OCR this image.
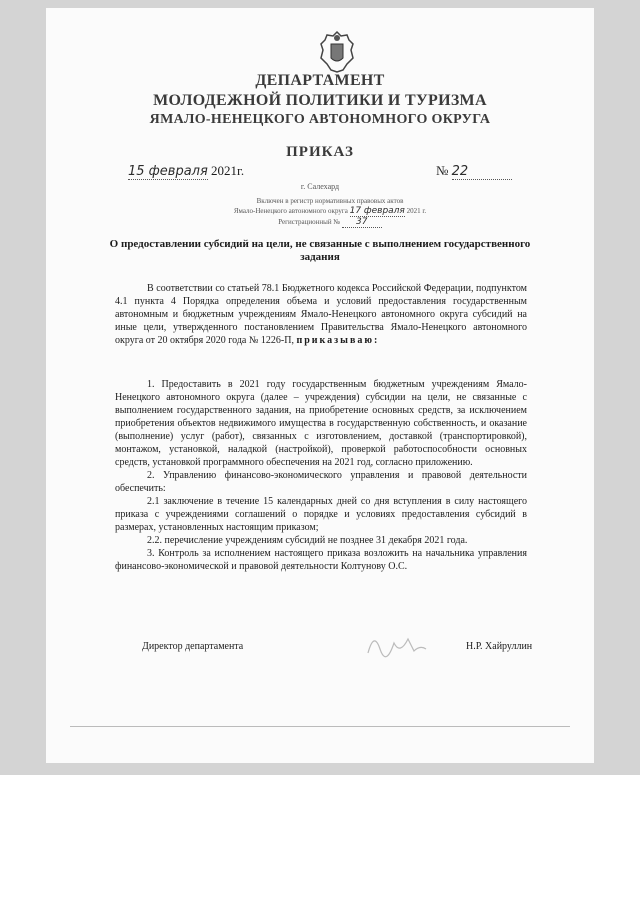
ДЕПАРТАМЕНТ
МОЛОДЕЖНОЙ ПОЛИТИКИ И ТУРИЗМА
ЯМАЛО-НЕНЕЦКОГО АВТОНОМНОГО ОКРУГА
ПРИКАЗ
15 февраля 2021г.	№ 22
г. Салехард
Включен в регистр нормативных правовых актов
Ямало-Ненецкого автономного округа 17 февраля 2021 г.
Регистрационный № 37
О предоставлении субсидий на цели, не связанные с выполнением государственного задания
В соответствии со статьей 78.1 Бюджетного кодекса Российской Федерации, подпунктом 4.1 пункта 4 Порядка определения объема и условий предоставления государственным автономным и бюджетным учреждениям Ямало-Ненецкого автономного округа субсидий на иные цели, утвержденного постановлением Правительства Ямало-Ненецкого автономного округа от 20 октября 2020 года № 1226-П, приказываю:

1. Предоставить в 2021 году государственным бюджетным учреждениям Ямало-Ненецкого автономного округа (далее – учреждения) субсидии на цели, не связанные с выполнением государственного задания, на приобретение основных средств, за исключением приобретения объектов недвижимого имущества в государственную собственность, и оказание (выполнение) услуг (работ), связанных с изготовлением, доставкой (транспортировкой), монтажом, установкой, наладкой (настройкой), проверкой работоспособности основных средств, установкой программного обеспечения на 2021 год, согласно приложению.

2. Управлению финансово-экономического управления и правовой деятельности обеспечить:

2.1 заключение в течение 15 календарных дней со дня вступления в силу настоящего приказа с учреждениями соглашений о порядке и условиях предоставления субсидий в размерах, установленных настоящим приказом;

2.2. перечисление учреждениям субсидий не позднее 31 декабря 2021 года.

3. Контроль за исполнением настоящего приказа возложить на начальника управления финансово-экономической и правовой деятельности Колтунову О.С.

Директор департамента	Н.Р. Хайруллин
